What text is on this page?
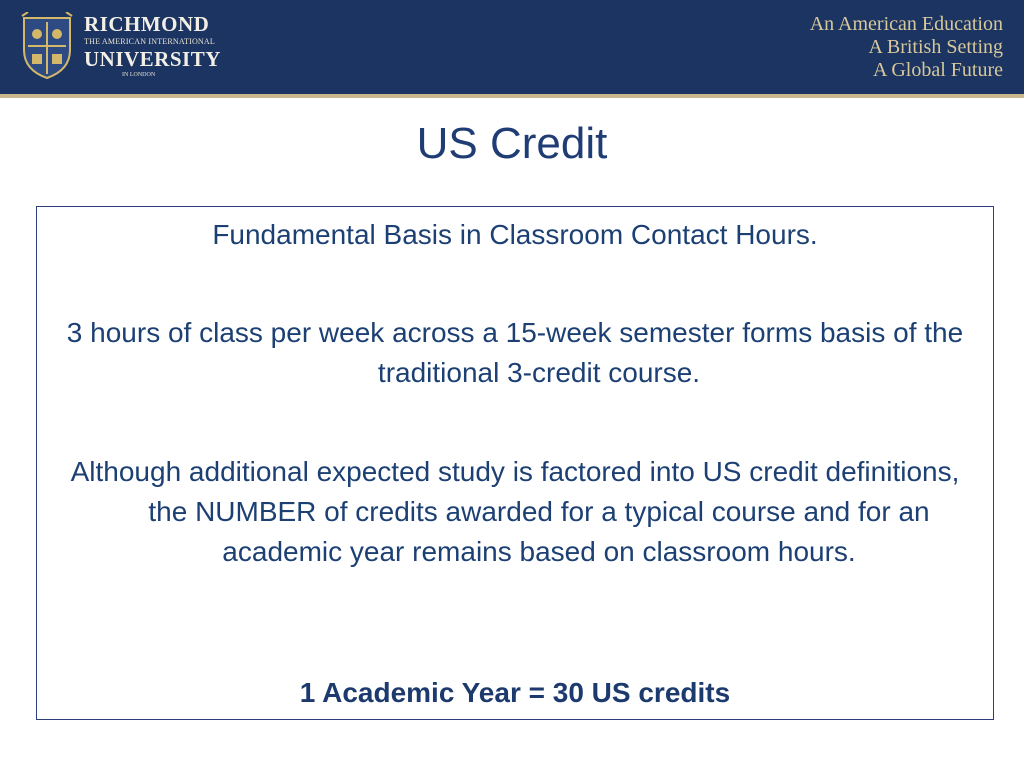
RICHMOND
THE AMERICAN INTERNATIONAL
UNIVERSITY
IN LONDON
An American Education
A British Setting
A Global Future
US Credit

Fundamental Basis in Classroom Contact Hours.

3 hours of class per week across a 15-week semester forms basis of the traditional 3-credit course.

Although additional expected study is factored into US credit definitions, the NUMBER of credits awarded for a typical course and for an academic year remains based on classroom hours.

1 Academic Year = 30 US credits
